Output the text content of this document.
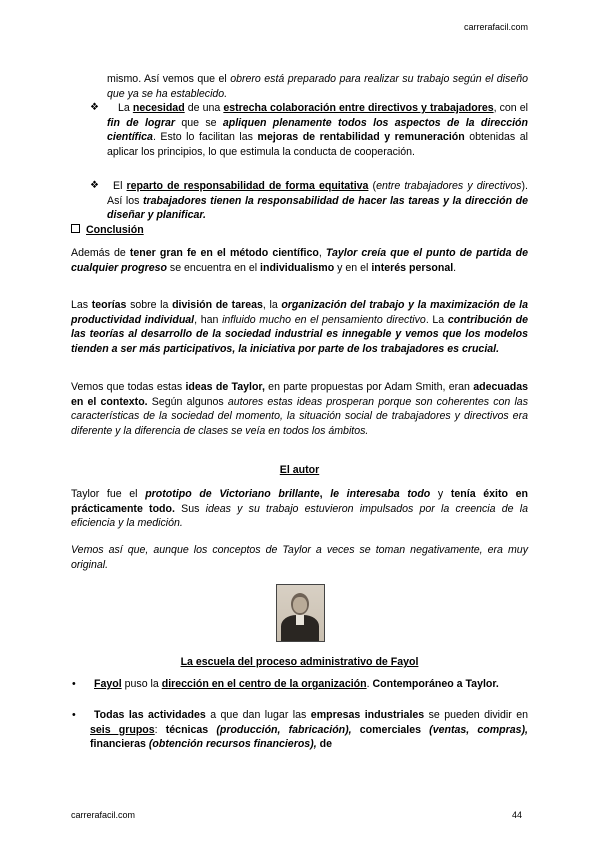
carrerafacil.com
mismo. Así vemos que el obrero está preparado para realizar su trabajo según el diseño que ya se ha establecido.
❖	La necesidad de una estrecha colaboración entre directivos y trabajadores, con el fin de lograr que se apliquen plenamente todos los aspectos de la dirección científica. Esto lo facilitan las mejoras de rentabilidad y remuneración obtenidas al aplicar los principios, lo que estimula la conducta de cooperación.
❖	El reparto de responsabilidad de forma equitativa (entre trabajadores y directivos). Así los trabajadores tienen la responsabilidad de hacer las tareas y la dirección de diseñar y planificar.
Conclusión
Además de tener gran fe en el método científico, Taylor creía que el punto de partida de cualquier progreso se encuentra en el individualismo y en el interés personal.
Las teorías sobre la división de tareas, la organización del trabajo y la maximización de la productividad individual, han influido mucho en el pensamiento directivo. La contribución de las teorías al desarrollo de la sociedad industrial es innegable y vemos que los modelos tienden a ser más participativos, la iniciativa por parte de los trabajadores es crucial.
Vemos que todas estas ideas de Taylor, en parte propuestas por Adam Smith, eran adecuadas en el contexto. Según algunos autores estas ideas prosperan porque son coherentes con las características de la sociedad del momento, la situación social de trabajadores y directivos era diferente y la diferencia de clases se veía en todos los ámbitos.
El autor
Taylor fue el prototipo de Victoriano brillante, le interesaba todo y tenía éxito en prácticamente todo. Sus ideas y su trabajo estuvieron impulsados por la creencia de la eficiencia y la medición.
Vemos así que, aunque los conceptos de Taylor a veces se toman negativamente, era muy original.
La escuela del proceso administrativo de Fayol
•	Fayol puso la dirección en el centro de la organización. Contemporáneo a Taylor.
•	Todas las actividades a que dan lugar las empresas industriales se pueden dividir en seis grupos: técnicas (producción, fabricación), comerciales (ventas, compras), financieras (obtención recursos financieros), de
carrerafacil.com	44
